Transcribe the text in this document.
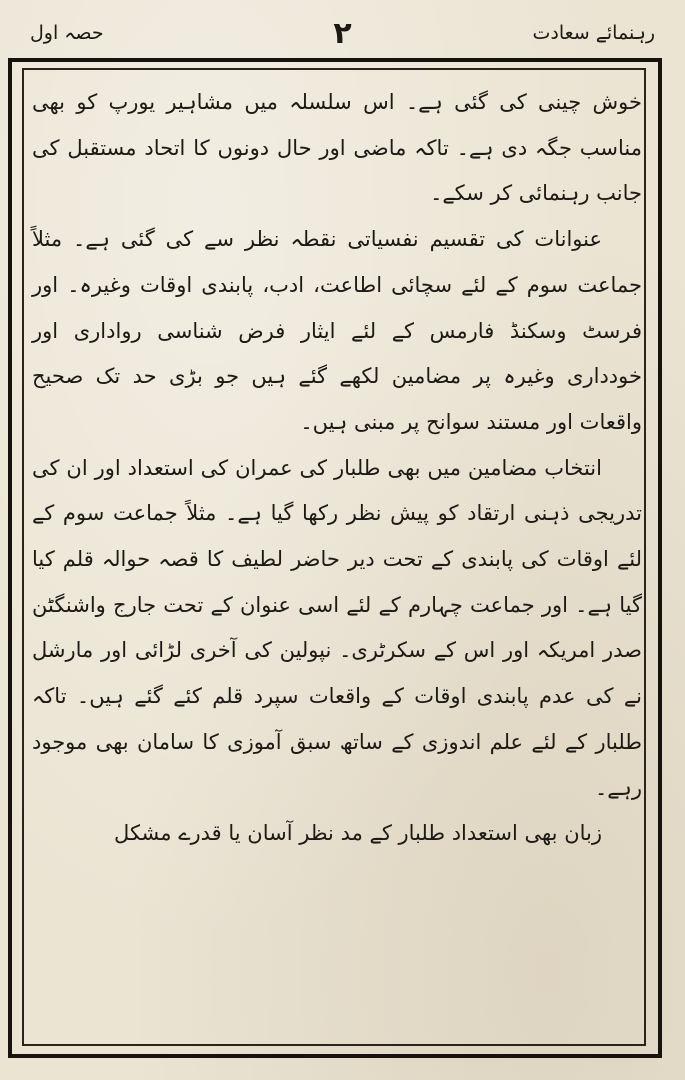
رہنمائے سعادت
۲
حصہ اول

خوش چینی کی گئی ہے۔ اس سلسلہ میں مشاہیر یورپ کو بھی مناسب جگہ دی ہے۔ تاکہ ماضی اور حال دونوں کا اتحاد مستقبل کی جانب رہنمائی کر سکے۔

عنوانات کی تقسیم نفسیاتی نقطہ نظر سے کی گئی ہے۔ مثلاً جماعت سوم کے لئے سچائی اطاعت، ادب، پابندی اوقات وغیرہ۔ اور فرسٹ وسکنڈ فارمس کے لئے ایثار فرض شناسی رواداری اور خودداری وغیرہ پر مضامین لکھے گئے ہیں جو بڑی حد تک صحیح واقعات اور مستند سوانح پر مبنی ہیں۔

انتخاب مضامین میں بھی طلبار کی عمران کی استعداد اور ان کی تدریجی ذہنی ارتقاد کو پیش نظر رکھا گیا ہے۔ مثلاً جماعت سوم کے لئے اوقات کی پابندی کے تحت دیر حاضر لطیف کا قصہ حوالہ قلم کیا گیا ہے۔ اور جماعت چہارم کے لئے اسی عنوان کے تحت جارج واشنگٹن صدر امریکہ اور اس کے سکرٹری۔ نپولین کی آخری لڑائی اور مارشل نے کی عدم پابندی اوقات کے واقعات سپرد قلم کئے گئے ہیں۔ تاکہ طلبار کے لئے علم اندوزی کے ساتھ سبق آموزی کا سامان بھی موجود رہے۔

زبان بھی استعداد طلبار کے مد نظر آسان یا قدرے مشکل
